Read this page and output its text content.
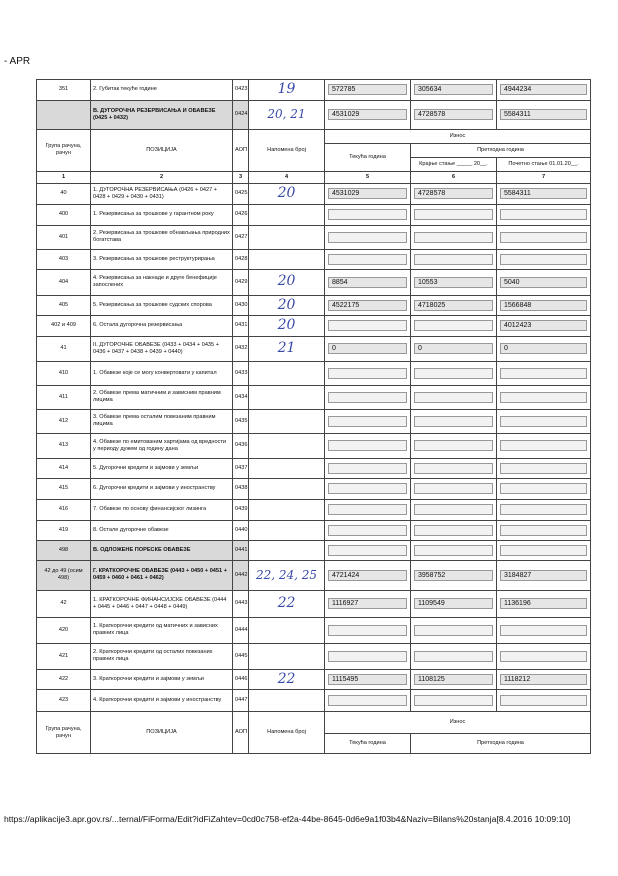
- APR
351	2. Губитак текуће године	0423	19	572785	305634	4944234

	В. ДУГОРОЧНА РЕЗЕРВИСАЊА И ОБАВЕЗЕ (0425 + 0432)	0424	20, 21	4531029	4728578	5584311

Група рачуна, рачун	ПОЗИЦИЈА	АОП	Напомена број	Износ		
				Текућа година	Претходна година	
					Крајње стање _____ 20__.	Почетно стање 01.01.20__.
1	2	3	4	5	6	7
40	1. ДУГОРОЧНА РЕЗЕРВИСАЊА (0426 + 0427 + 0428 + 0429 + 0430 + 0431)	0425	20	4531029	4728578	5584311

400	1. Резервисања за трошкове у гарантном року	0426		

401	2. Резервисања за трошкове обнављања природних богатстава	0427		

403	3. Резервисања за трошкове реструктурирања	0428		

404	4. Резервисања за накнаде и друге бенефиције запослених	0429	20	8854	10553	5040

405	5. Резервисања за трошкове судских спорова	0430	20	4522175	4718025	1566848

402 и 409	6. Остала дугорочна резервисања	0431	20			4012423

41	II. ДУГОРОЧНЕ ОБАВЕЗЕ (0433 + 0434 + 0435 + 0436 + 0437 + 0438 + 0439 + 0440)	0432	21	0	0	0

410	1. Обавезе које се могу конвертовати у капитал	0433		

411	2. Обавезе према матичним и зависним правним лицима	0434		

412	3. Обавезе према осталим повезаним правним лицима	0435		

413	4. Обавезе по емитованим хартијама од вредности у периоду дужем од годину дана	0436		

414	5. Дугорочни кредити и зајмови у земљи	0437		

415	6. Дугорочни кредити и зајмови у иностранству	0438		

416	7. Обавезе по основу финансијског лизинга	0439		

419	8. Остале дугорочне обавезе	0440		

498	В. ОДЛОЖЕНЕ ПОРЕСКЕ ОБАВЕЗЕ	0441		

42 до 49 (осим 498)	Г. КРАТКОРОЧНЕ ОБАВЕЗЕ (0443 + 0450 + 0451 + 0459 + 0460 + 0461 + 0462)	0442	22, 24, 25	4721424	3958752	3184827

42	1. КРАТКОРОЧНЕ ФИНАНСИЈСКЕ ОБАВЕЗЕ (0444 + 0445 + 0446 + 0447 + 0448 + 0449)	0443	22	1116927	1109549	1136196

420	1. Краткорочни кредити од матичних и зависних правних лица	0444		

421	2. Краткорочни кредити од осталих повезаних правних лица	0445		

422	3. Краткорочни кредити и зајмови у земљи	0446	22	1115495	1108125	1118212

423	4. Краткорочни кредити и зајмови у иностранству	0447		

Група рачуна, рачун	ПОЗИЦИЈА	АОП	Напомена број	Износ		
				Текућа година	Претходна година	
https://aplikacije3.apr.gov.rs/...ternal/FiForma/Edit?idFiZahtev=0cd0c758-ef2a-44be-8645-0d6e9a1f03b4&Naziv=Bilans%20stanja[8.4.2016 10:09:10]
